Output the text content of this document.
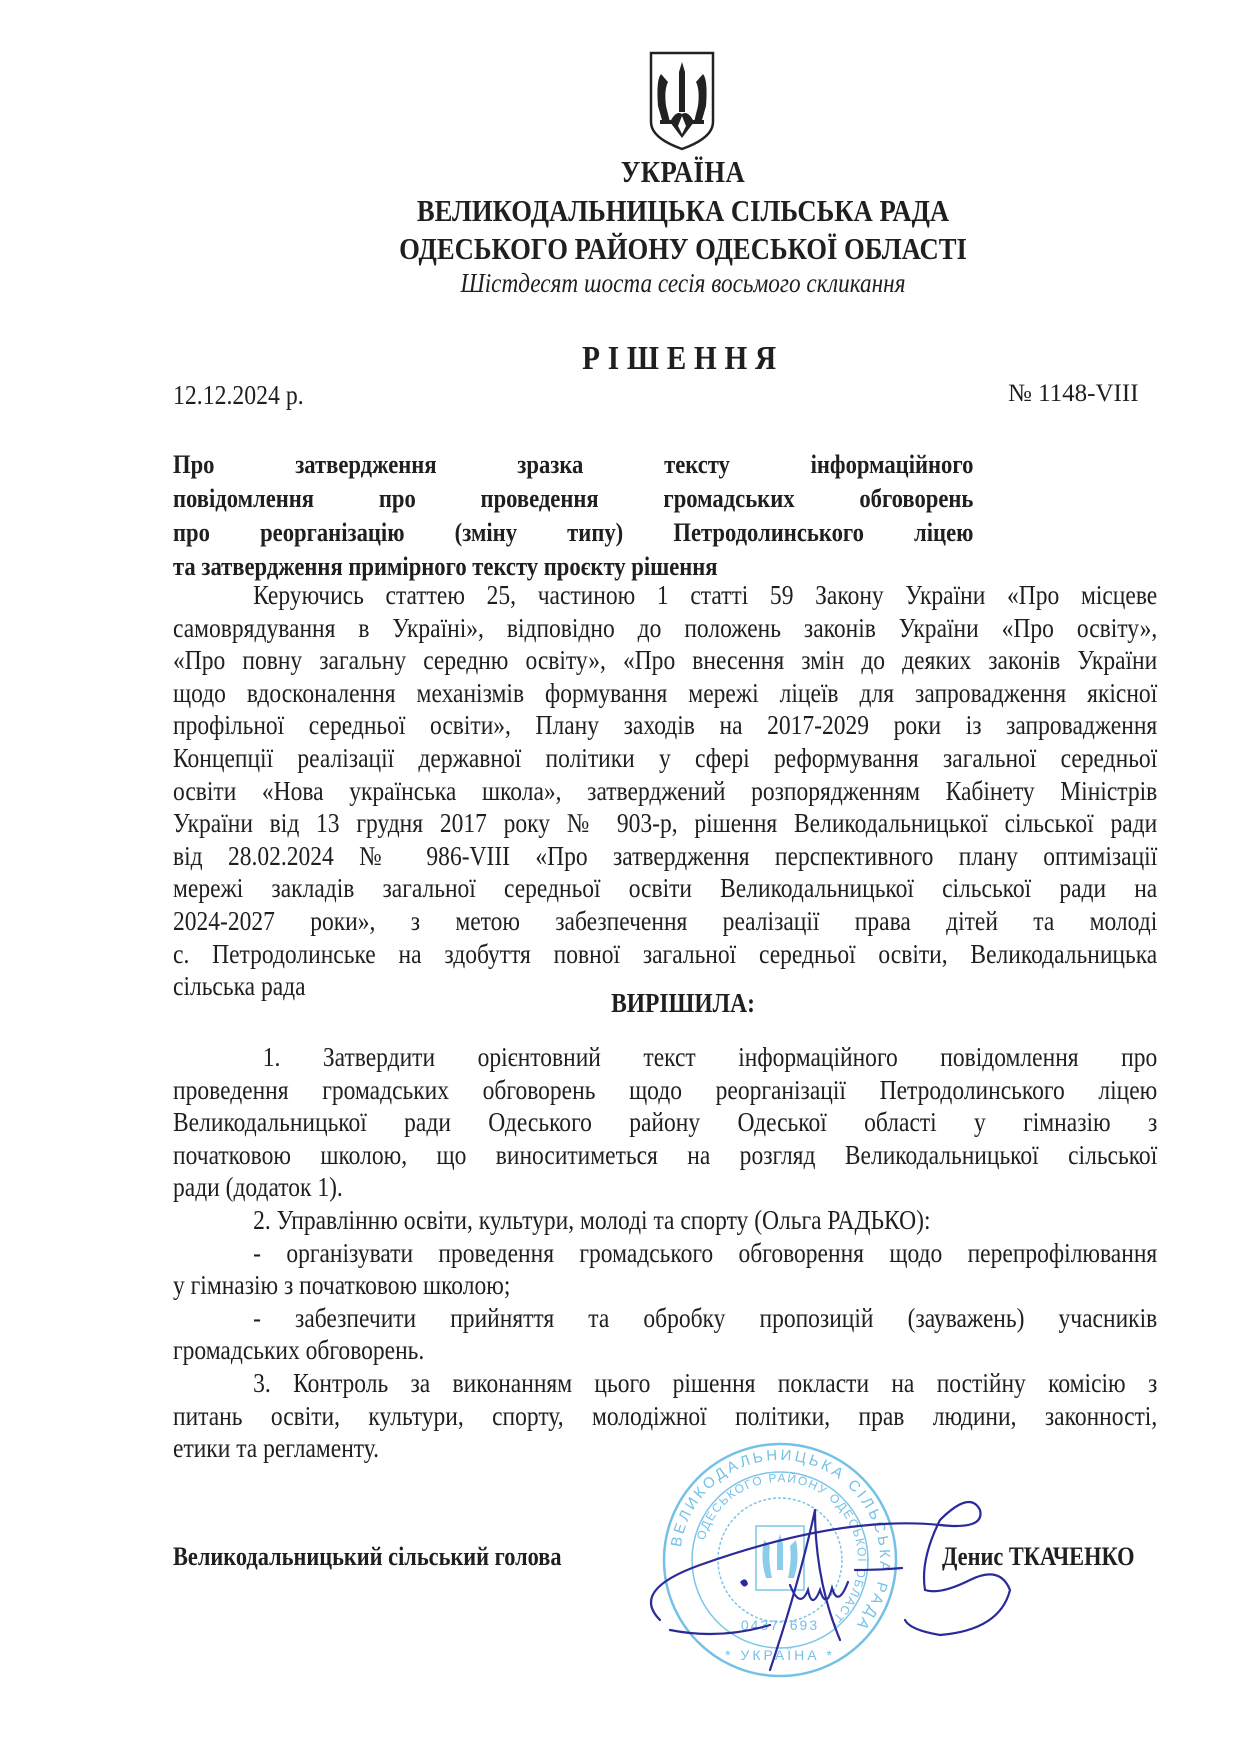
УКРАЇНА
ВЕЛИКОДАЛЬНИЦЬКА СІЛЬСЬКА РАДА
ОДЕСЬКОГО РАЙОНУ ОДЕСЬКОЇ ОБЛАСТІ
Шістдесят шоста сесія восьмого скликання
РІШЕННЯ
12.12.2024 р.	№ 1148-VIII
Про затвердження зразка тексту інформаційного
повідомлення про проведення громадських обговорень
про реорганізацію (зміну типу) Петродолинського ліцею
та затвердження примірного тексту проєкту рішення
Керуючись статтею 25, частиною 1 статті 59 Закону України «Про місцеве
самоврядування в Україні», відповідно до положень законів України «Про освіту»,
«Про повну загальну середню освіту», «Про внесення змін до деяких законів України
щодо вдосконалення механізмів формування мережі ліцеїв для запровадження якісної
профільної середньої освіти», Плану заходів на 2017-2029 роки із запровадження
Концепції реалізації державної політики у сфері реформування загальної середньої
освіти «Нова українська школа», затверджений розпорядженням Кабінету Міністрів
України від 13 грудня 2017 року № 903-р, рішення Великодальницької сільської ради
від 28.02.2024 № 986-VIII «Про затвердження перспективного плану оптимізації
мережі закладів загальної середньої освіти Великодальницької сільської ради на
2024-2027 роки», з метою забезпечення реалізації права дітей та молоді
с. Петродолинське на здобуття повної загальної середньої освіти, Великодальницька
сільська рада
ВИРІШИЛА:
1. Затвердити орієнтовний текст інформаційного повідомлення про
проведення громадських обговорень щодо реорганізації Петродолинського ліцею
Великодальницької ради Одеського району Одеської області у гімназію з
початковою школою, що виноситиметься на розгляд Великодальницької сільської
ради (додаток 1).
2. Управлінню освіти, культури, молоді та спорту (Ольга РАДЬКО):
- організувати проведення громадського обговорення щодо перепрофілювання
у гімназію з початковою школою;
- забезпечити прийняття та обробку пропозицій (зауважень) учасників
громадських обговорень.
3. Контроль за виконанням цього рішення покласти на постійну комісію з
питань освіти, культури, спорту, молодіжної політики, прав людини, законності,
етики та регламенту.
ВЕЛИКОДАЛЬНИЦЬКА СІЛЬСЬКА РАДА
ОДЕСЬКОГО РАЙОНУ ОДЕСЬКОЇ ОБЛАСТІ
04377693
* УКРАЇНА *
Великодальницький сільський голова	Денис ТКАЧЕНКО
